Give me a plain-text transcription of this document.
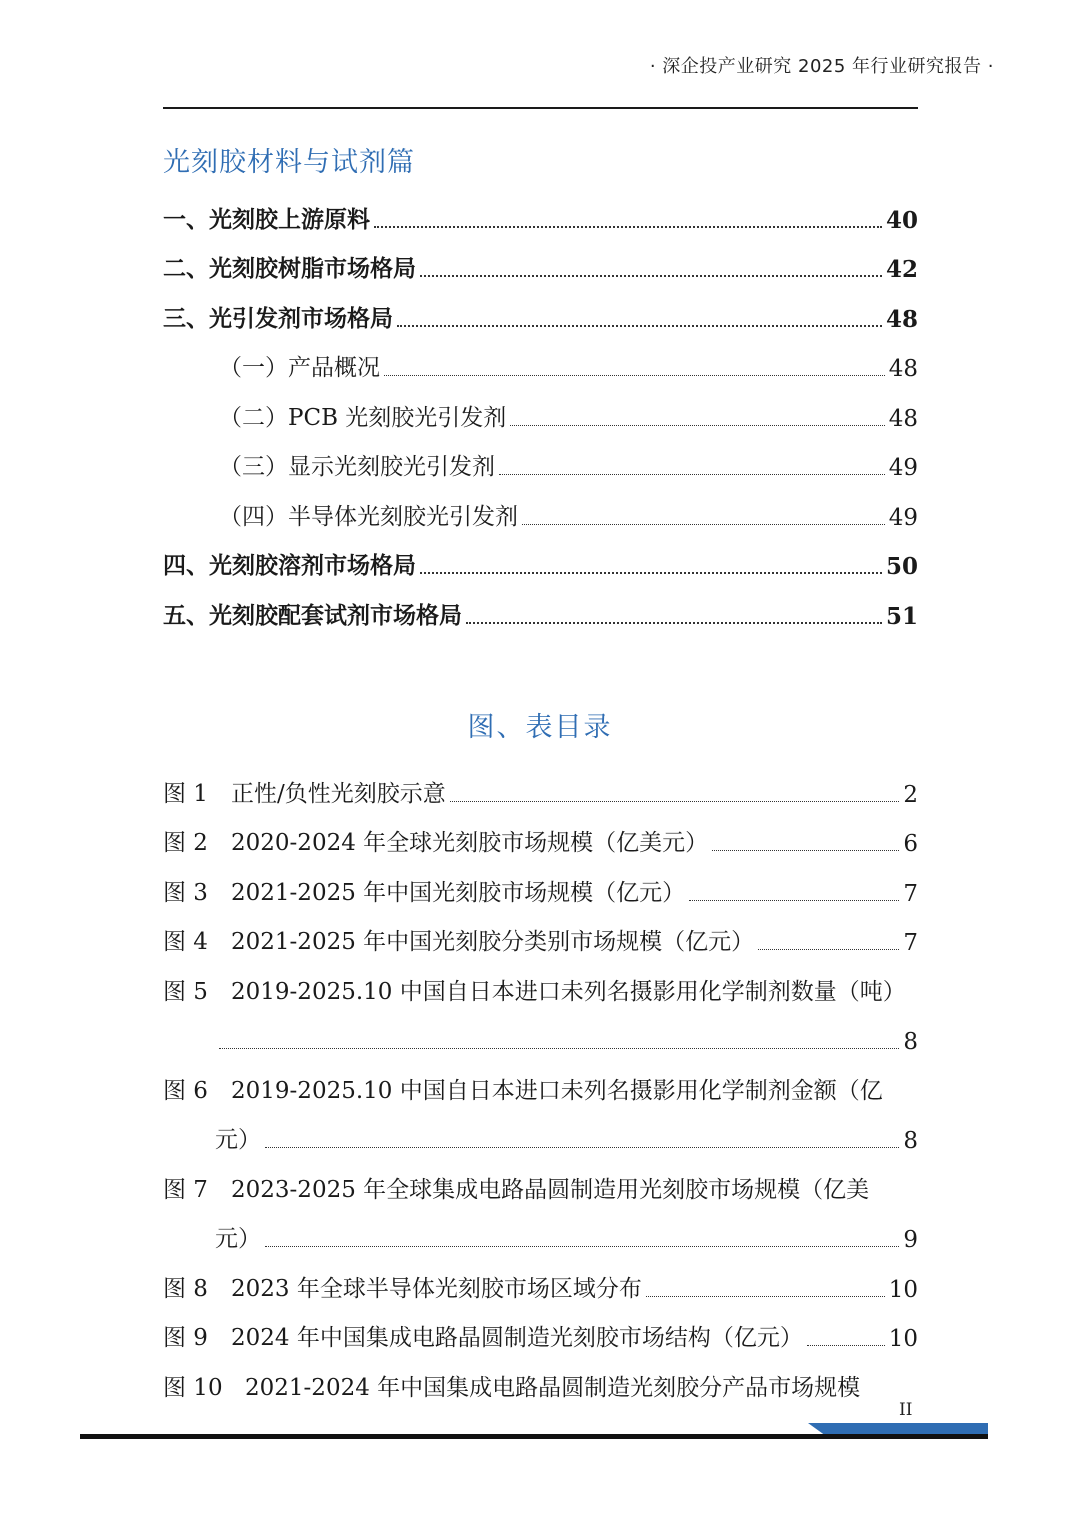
· 深企投产业研究 2025 年行业研究报告 ·
光刻胶材料与试剂篇
一、光刻胶上游原料	40
二、光刻胶树脂市场格局	42
三、光引发剂市场格局	48
（一）产品概况	48
（二）PCB 光刻胶光引发剂	48
（三）显示光刻胶光引发剂	49
（四）半导体光刻胶光引发剂	49
四、光刻胶溶剂市场格局	50
五、光刻胶配套试剂市场格局	51
图、表目录
图 1 正性/负性光刻胶示意	2
图 2 2020-2024 年全球光刻胶市场规模（亿美元）	6
图 3 2021-2025 年中国光刻胶市场规模（亿元）	7
图 4 2021-2025 年中国光刻胶分类别市场规模（亿元）	7
图 5 2019-2025.10 中国自日本进口未列名摄影用化学制剂数量（吨）
8
图 6 2019-2025.10 中国自日本进口未列名摄影用化学制剂金额（亿
元）	8
图 7 2023-2025 年全球集成电路晶圆制造用光刻胶市场规模（亿美
元）	9
图 8 2023 年全球半导体光刻胶市场区域分布	10
图 9 2024 年中国集成电路晶圆制造光刻胶市场结构（亿元）	10
图 10 2021-2024 年中国集成电路晶圆制造光刻胶分产品市场规模
II
